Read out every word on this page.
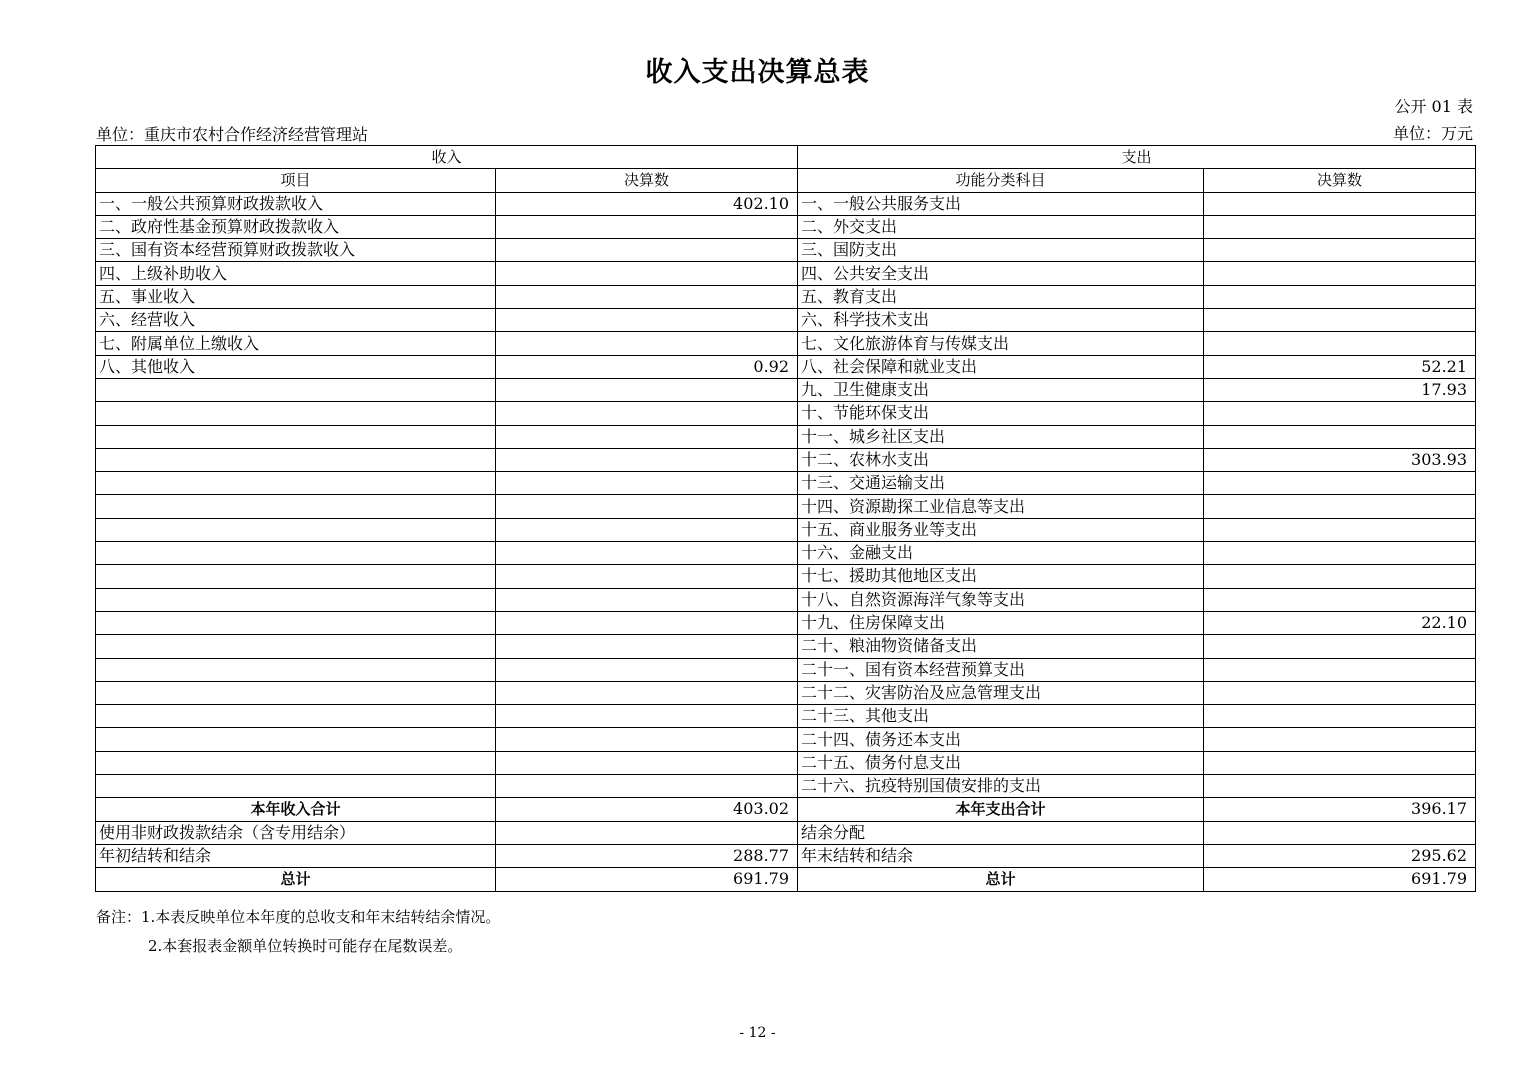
收入支出决算总表
公开 01 表
单位：重庆市农村合作经济经营管理站	单位：万元
收入		支出	
项目	决算数	功能分类科目	决算数
一、一般公共预算财政拨款收入	402.10	一、一般公共服务支出	
二、政府性基金预算财政拨款收入		二、外交支出	
三、国有资本经营预算财政拨款收入		三、国防支出	
四、上级补助收入		四、公共安全支出	
五、事业收入		五、教育支出	
六、经营收入		六、科学技术支出	
七、附属单位上缴收入		七、文化旅游体育与传媒支出	
八、其他收入	0.92	八、社会保障和就业支出	52.21
		九、卫生健康支出	17.93
		十、节能环保支出	
		十一、城乡社区支出	
		十二、农林水支出	303.93
		十三、交通运输支出	
		十四、资源勘探工业信息等支出	
		十五、商业服务业等支出	
		十六、金融支出	
		十七、援助其他地区支出	
		十八、自然资源海洋气象等支出	
		十九、住房保障支出	22.10
		二十、粮油物资储备支出	
		二十一、国有资本经营预算支出	
		二十二、灾害防治及应急管理支出	
		二十三、其他支出	
		二十四、债务还本支出	
		二十五、债务付息支出	
		二十六、抗疫特别国债安排的支出	
本年收入合计	403.02	本年支出合计	396.17
使用非财政拨款结余（含专用结余）		结余分配	
年初结转和结余	288.77	年末结转和结余	295.62
总计	691.79	总计	691.79
备注：1.本表反映单位本年度的总收支和年末结转结余情况。
2.本套报表金额单位转换时可能存在尾数误差。
- 12 -
